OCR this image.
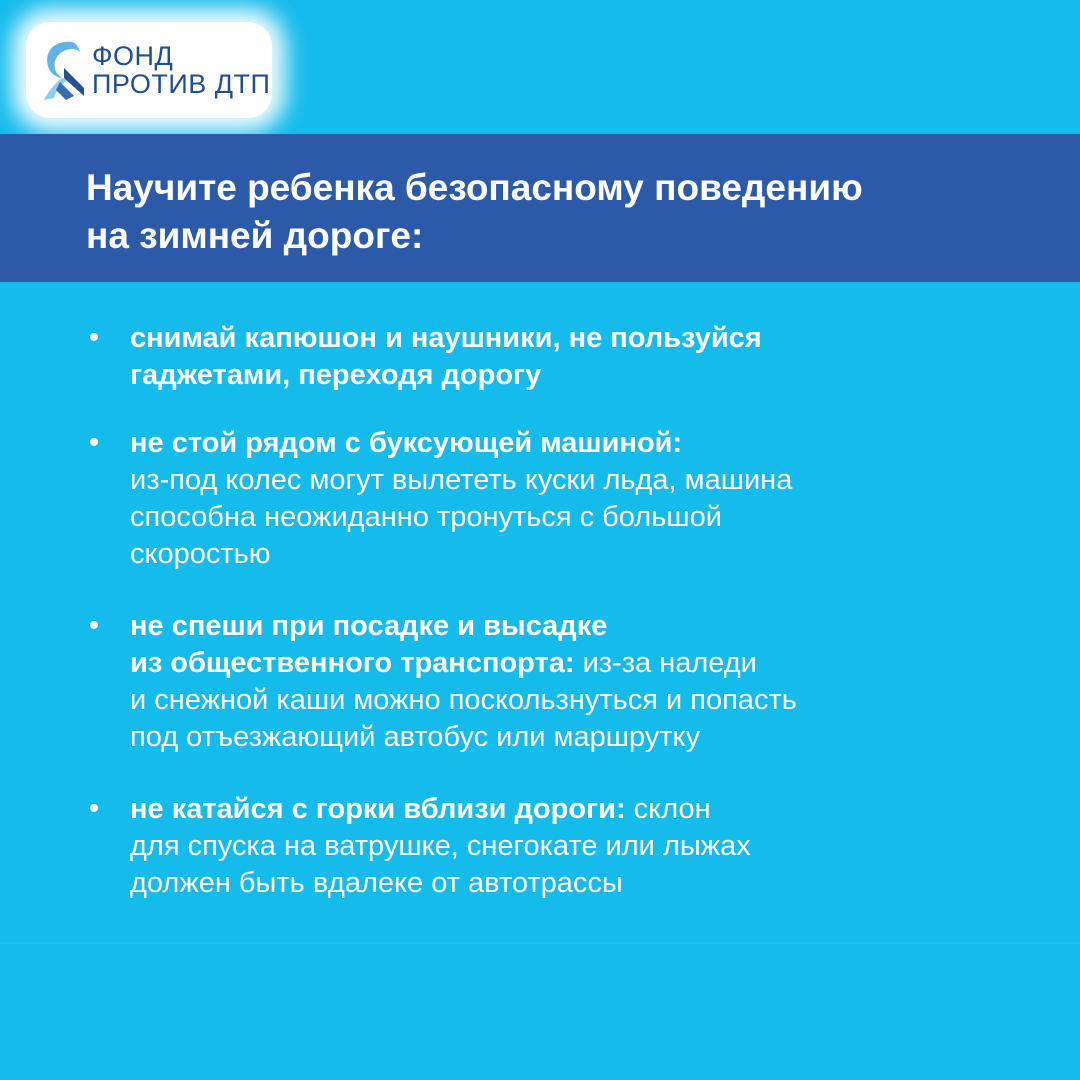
ФОНД
ПРОТИВ ДТП
Научите ребенка безопасному поведению
на зимней дороге:
• снимай капюшон и наушники, не пользуйся
гаджетами, переходя дорогу
• не стой рядом с буксующей машиной:
из-под колес могут вылететь куски льда, машина
способна неожиданно тронуться с большой
скоростью
• не спеши при посадке и высадке
из общественного транспорта: из-за наледи
и снежной каши можно поскользнуться и попасть
под отъезжающий автобус или маршрутку
• не катайся с горки вблизи дороги: склон
для спуска на ватрушке, снегокате или лыжах
должен быть вдалеке от автотрассы
